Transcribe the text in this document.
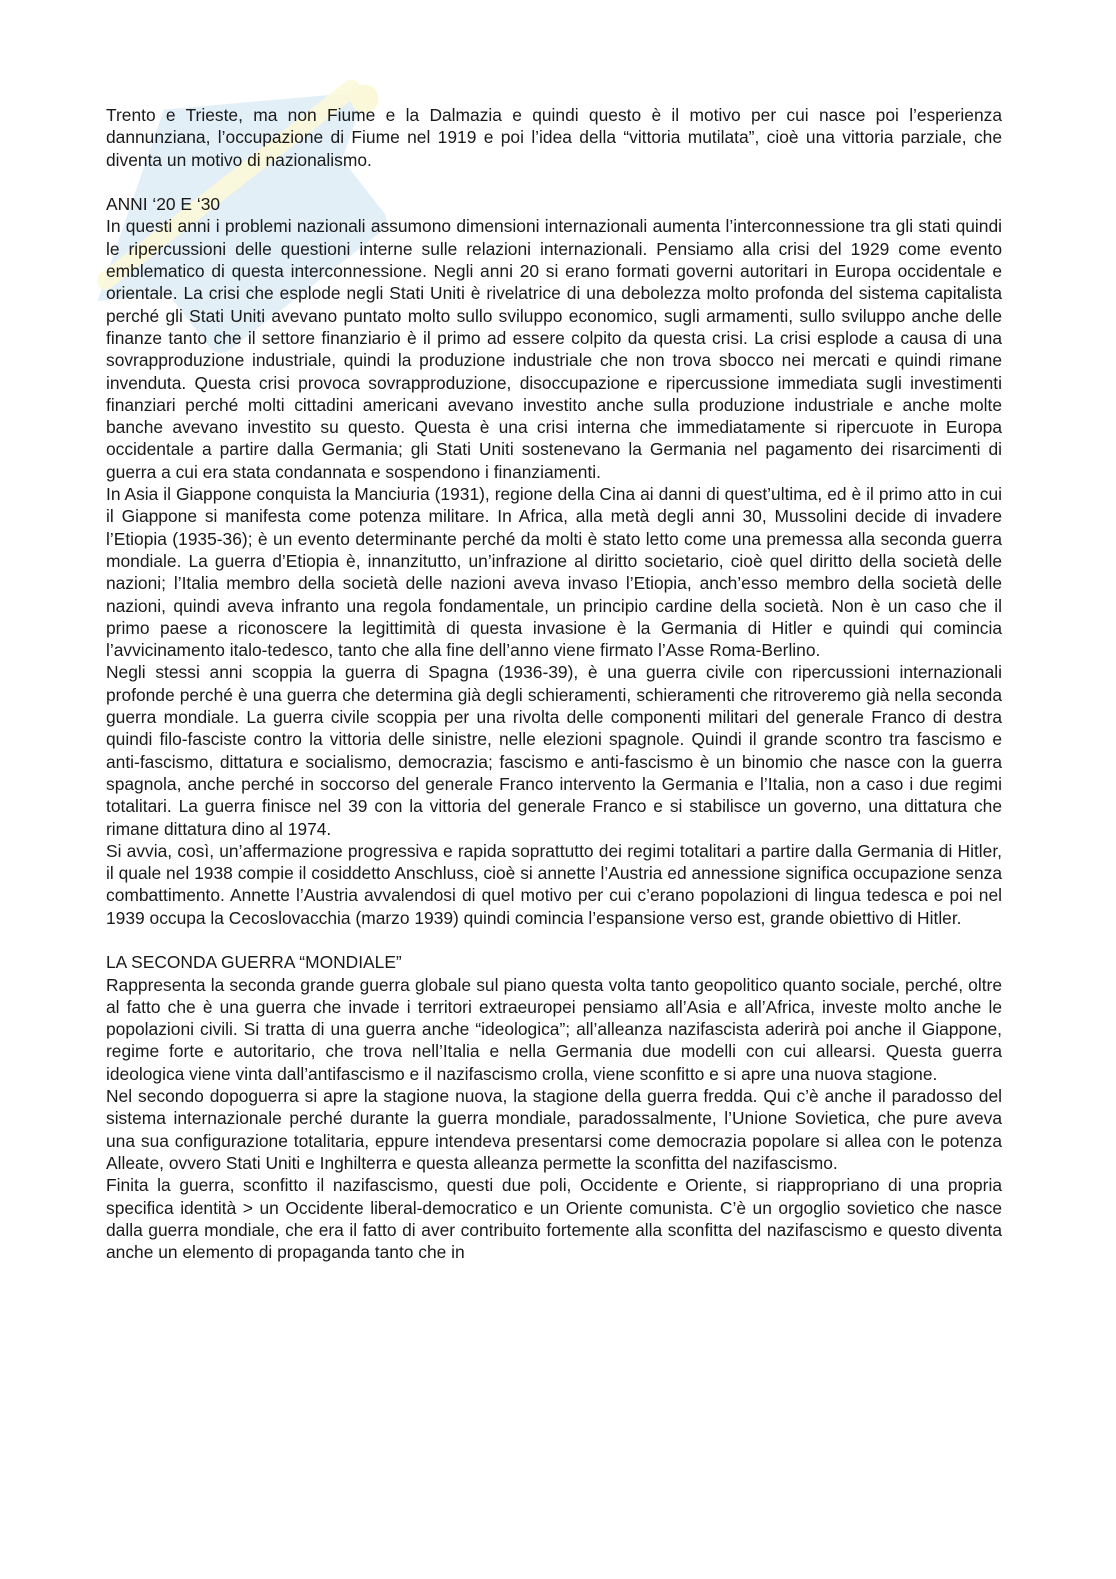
Trento e Trieste, ma non Fiume e la Dalmazia e quindi questo è il motivo per cui nasce poi l’esperienza dannunziana, l’occupazione di Fiume nel 1919 e poi l’idea della “vittoria mutilata”, cioè una vittoria parziale, che diventa un motivo di nazionalismo.

ANNI ‘20 E ‘30

In questi anni i problemi nazionali assumono dimensioni internazionali aumenta l’interconnessione tra gli stati quindi le ripercussioni delle questioni interne sulle relazioni internazionali. Pensiamo alla crisi del 1929 come evento emblematico di questa interconnessione. Negli anni 20 si erano formati governi autoritari in Europa occidentale e orientale. La crisi che esplode negli Stati Uniti è rivelatrice di una debolezza molto profonda del sistema capitalista perché gli Stati Uniti avevano puntato molto sullo sviluppo economico, sugli armamenti, sullo sviluppo anche delle finanze tanto che il settore finanziario è il primo ad essere colpito da questa crisi. La crisi esplode a causa di una sovrapproduzione industriale, quindi la produzione industriale che non trova sbocco nei mercati e quindi rimane invenduta. Questa crisi provoca sovrapproduzione, disoccupazione e ripercussione immediata sugli investimenti finanziari perché molti cittadini americani avevano investito anche sulla produzione industriale e anche molte banche avevano investito su questo. Questa è una crisi interna che immediatamente si ripercuote in Europa occidentale a partire dalla Germania; gli Stati Uniti sostenevano la Germania nel pagamento dei risarcimenti di guerra a cui era stata condannata e sospendono i finanziamenti.

In Asia il Giappone conquista la Manciuria (1931), regione della Cina ai danni di quest’ultima, ed è il primo atto in cui il Giappone si manifesta come potenza militare. In Africa, alla metà degli anni 30, Mussolini decide di invadere l’Etiopia (1935-36); è un evento determinante perché da molti è stato letto come una premessa alla seconda guerra mondiale. La guerra d’Etiopia è, innanzitutto, un’infrazione al diritto societario, cioè quel diritto della società delle nazioni; l’Italia membro della società delle nazioni aveva invaso l’Etiopia, anch’esso membro della società delle nazioni, quindi aveva infranto una regola fondamentale, un principio cardine della società. Non è un caso che il primo paese a riconoscere la legittimità di questa invasione è la Germania di Hitler e quindi qui comincia l’avvicinamento italo-tedesco, tanto che alla fine dell’anno viene firmato l’Asse Roma-Berlino.

Negli stessi anni scoppia la guerra di Spagna (1936-39), è una guerra civile con ripercussioni internazionali profonde perché è una guerra che determina già degli schieramenti, schieramenti che ritroveremo già nella seconda guerra mondiale. La guerra civile scoppia per una rivolta delle componenti militari del generale Franco di destra quindi filo-fasciste contro la vittoria delle sinistre, nelle elezioni spagnole. Quindi il grande scontro tra fascismo e anti-fascismo, dittatura e socialismo, democrazia; fascismo e anti-fascismo è un binomio che nasce con la guerra spagnola, anche perché in soccorso del generale Franco intervento la Germania e l’Italia, non a caso i due regimi totalitari. La guerra finisce nel 39 con la vittoria del generale Franco e si stabilisce un governo, una dittatura che rimane dittatura dino al 1974.

Si avvia, così, un’affermazione progressiva e rapida soprattutto dei regimi totalitari a partire dalla Germania di Hitler, il quale nel 1938 compie il cosiddetto Anschluss, cioè si annette l’Austria ed annessione significa occupazione senza combattimento. Annette l’Austria avvalendosi di quel motivo per cui c’erano popolazioni di lingua tedesca e poi nel 1939 occupa la Cecoslovacchia (marzo 1939) quindi comincia l’espansione verso est, grande obiettivo di Hitler.

LA SECONDA GUERRA “MONDIALE”

Rappresenta la seconda grande guerra globale sul piano questa volta tanto geopolitico quanto sociale, perché, oltre al fatto che è una guerra che invade i territori extraeuropei pensiamo all’Asia e all’Africa, investe molto anche le popolazioni civili. Si tratta di una guerra anche “ideologica”; all’alleanza nazifascista aderirà poi anche il Giappone, regime forte e autoritario, che trova nell’Italia e nella Germania due modelli con cui allearsi. Questa guerra ideologica viene vinta dall’antifascismo e il nazifascismo crolla, viene sconfitto e si apre una nuova stagione.

Nel secondo dopoguerra si apre la stagione nuova, la stagione della guerra fredda. Qui c’è anche il paradosso del sistema internazionale perché durante la guerra mondiale, paradossalmente, l’Unione Sovietica, che pure aveva una sua configurazione totalitaria, eppure intendeva presentarsi come democrazia popolare si allea con le potenza Alleate, ovvero Stati Uniti e Inghilterra e questa alleanza permette la sconfitta del nazifascismo.

Finita la guerra, sconfitto il nazifascismo, questi due poli, Occidente e Oriente, si riappropriano di una propria specifica identità > un Occidente liberal-democratico e un Oriente comunista. C’è un orgoglio sovietico che nasce dalla guerra mondiale, che era il fatto di aver contribuito fortemente alla sconfitta del nazifascismo e questo diventa anche un elemento di propaganda tanto che in
